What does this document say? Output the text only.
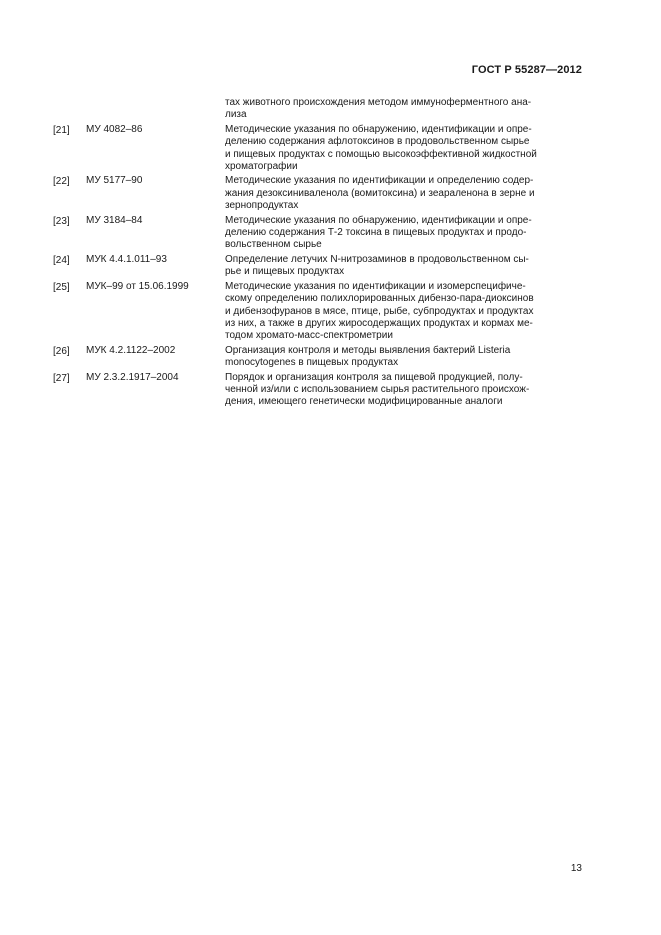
ГОСТ Р 55287—2012
тах животного происхождения методом иммуноферментного ана-
лиза
[21]	МУ 4082–86	Методические указания по обнаружению, идентификации и опре-
делению содержания афлотоксинов в продовольственном сырье
и пищевых продуктах с помощью высокоэффективной жидкостной
хроматографии
[22]	МУ 5177–90	Методические указания по идентификации и определению содер-
жания дезоксиниваленола (вомитоксина) и зеараленона в зерне и
зернопродуктах
[23]	МУ 3184–84	Методические указания по обнаружению, идентификации и опре-
делению содержания Т-2 токсина в пищевых продуктах и продо-
вольственном сырье
[24]	МУК 4.4.1.011–93	Определение летучих N-нитрозаминов в продовольственном сы-
рье и пищевых продуктах
[25]	МУК–99 от 15.06.1999	Методические указания по идентификации и изомерспецифиче-
скому определению полихлорированных дибензо-пара-диоксинов
и дибензофуранов в мясе, птице, рыбе, субпродуктах и продуктах
из них, а также в других жиросодержащих продуктах и кормах ме-
тодом хромато-масс-спектрометрии
[26]	МУК 4.2.1122–2002	Организация контроля и методы выявления бактерий Listeria
monocytogenes в пищевых продуктах
[27]	МУ 2.3.2.1917–2004	Порядок и организация контроля за пищевой продукцией, полу-
ченной из/или с использованием сырья растительного происхож-
дения, имеющего генетически модифицированные аналоги
13
